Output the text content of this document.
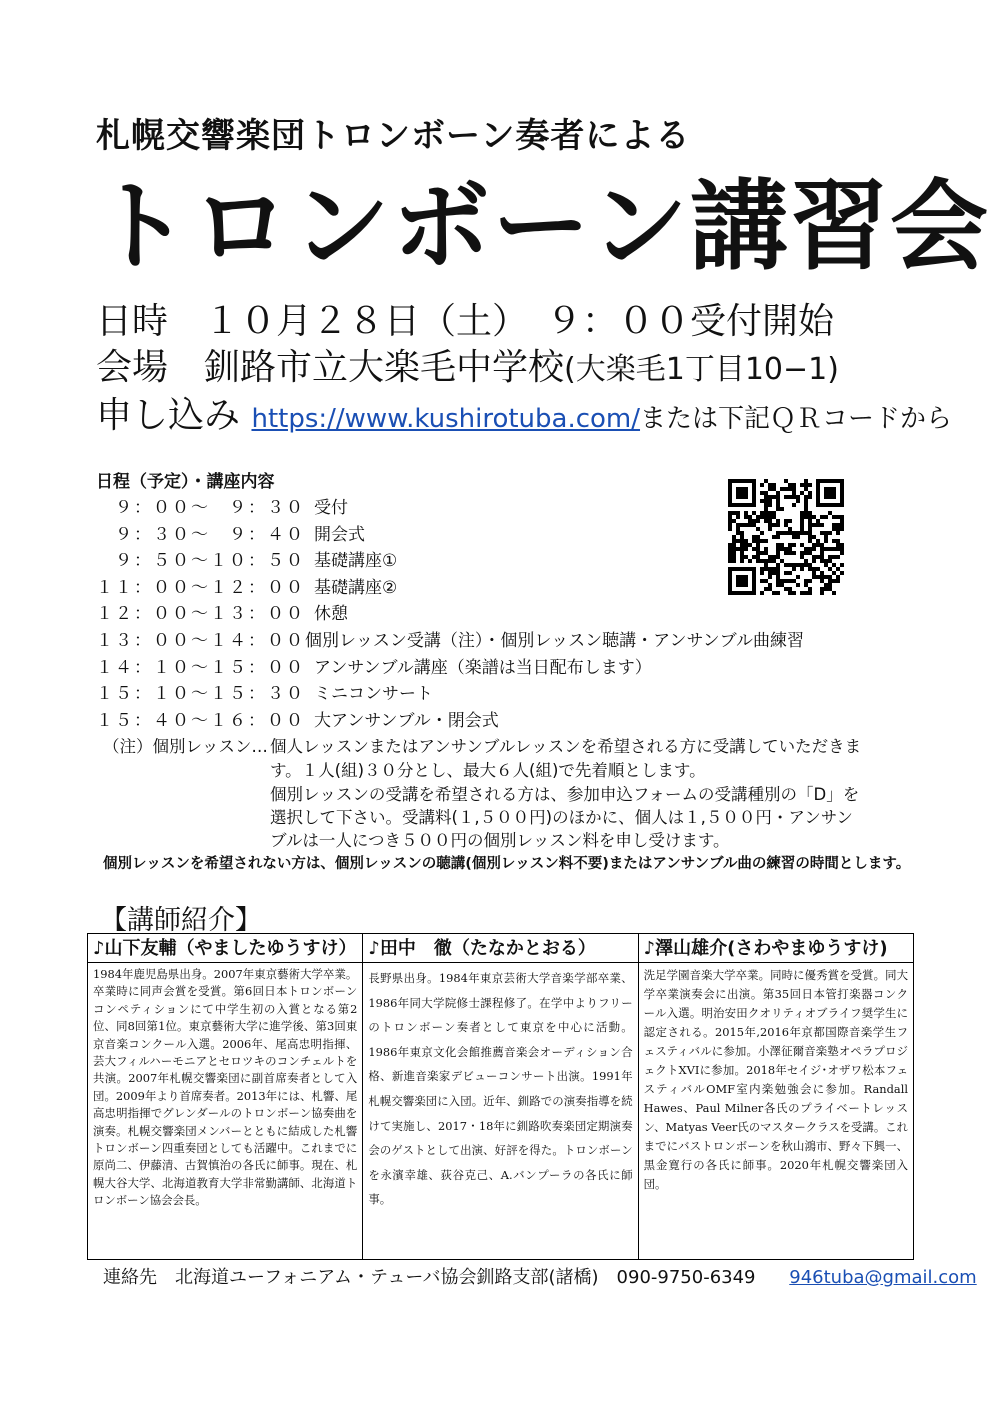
札幌交響楽団トロンボーン奏者による
トロンボーン講習会
日時　 １０月２８日（土）　９：００受付開始
会場　 釧路市立大楽毛中学校(大楽毛1丁目10−1)
申し込み https://www.kushirotuba.com/または下記ＱＲコードから
日程（予定）・講座内容
　９：００〜　９：３０ 受付
　９：３０〜　９：４０ 開会式
　９：５０〜１０：５０ 基礎講座①
１１：００〜１２：００ 基礎講座②
１２：００〜１３：００ 休憩
１３：００〜１４：００ 個別レッスン受講（注）・個別レッスン聴講・アンサンブル曲練習
１４：１０〜１５：００ アンサンブル講座（楽譜は当日配布します）
１５：１０〜１５：３０ ミニコンサート
１５：４０〜１６：００ 大アンサンブル・閉会式
（注）個別レッスン… 個人レッスンまたはアンサンブルレッスンを希望される方に受講していただきま
す。１人(組)３０分とし、最大６人(組)で先着順とします。
個別レッスンの受講を希望される方は、参加申込フォームの受講種別の「D」を
選択して下さい。受講料(１,５００円)のほかに、個人は１,５００円・アンサン
ブルは一人につき５００円の個別レッスン料を申し受けます。
個別レッスンを希望されない方は、個別レッスンの聴講(個別レッスン料不要)またはアンサンブル曲の練習の時間とします。
【講師紹介】
♪山下友輔（やましたゆうすけ）
1984年鹿児島県出身。2007年東京藝術大学卒業。卒業時に同声会賞を受賞。第6回日本トロンボーンコンペティションにて中学生初の入賞となる第2位、同8回第1位。東京藝術大学に進学後、第3回東京音楽コンクール入選。2006年、尾高忠明指揮、芸大フィルハーモニアとセロツキのコンチェルトを共演。2007年札幌交響楽団に副首席奏者として入団。2009年より首席奏者。2013年には、札響、尾高忠明指揮でグレンダールのトロンボーン協奏曲を演奏。札幌交響楽団メンバーとともに結成した札響トロンボーン四重奏団としても活躍中。これまでに原尚二、伊藤清、古賀慎治の各氏に師事。現在、札幌大谷大学、北海道教育大学非常勤講師、北海道トロンボーン協会会長。

♪田中　徹（たなかとおる）
長野県出身。1984年東京芸術大学音楽学部卒業、1986年同大学院修士課程修了。在学中よりフリーのトロンボーン奏者として東京を中心に活動。1986年東京文化会館推薦音楽会オーディション合格、新進音楽家デビューコンサート出演。1991年札幌交響楽団に入団。近年、釧路での演奏指導を続けて実施し、2017・18年に釧路吹奏楽団定期演奏会のゲストとして出演、好評を得た。トロンボーンを永濱幸雄、荻谷克己、A.バンプーラの各氏に師事。

♪澤山雄介(さわやまゆうすけ)
洗足学園音楽大学卒業。同時に優秀賞を受賞。同大学卒業演奏会に出演。第35回日本管打楽器コンクール入選。明治安田クオリティオブライフ奨学生に認定される。2015年,2016年京都国際音楽学生フェスティバルに参加。小澤征爾音楽塾オペラプロジェクトXVIに参加。2018年セイジ･オザワ松本フェスティバルOMF室内楽勉強会に参加。Randall Hawes、Paul Milner各氏のプライベートレッスン、Matyas Veer氏のマスタークラスを受講。これまでにバストロンボーンを秋山鴻市、野々下興一、黒金寛行の各氏に師事。2020年札幌交響楽団入団。
連絡先　北海道ユーフォニアム・テューバ協会釧路支部(諸橋)　090-9750-6349 946tuba@gmail.com
